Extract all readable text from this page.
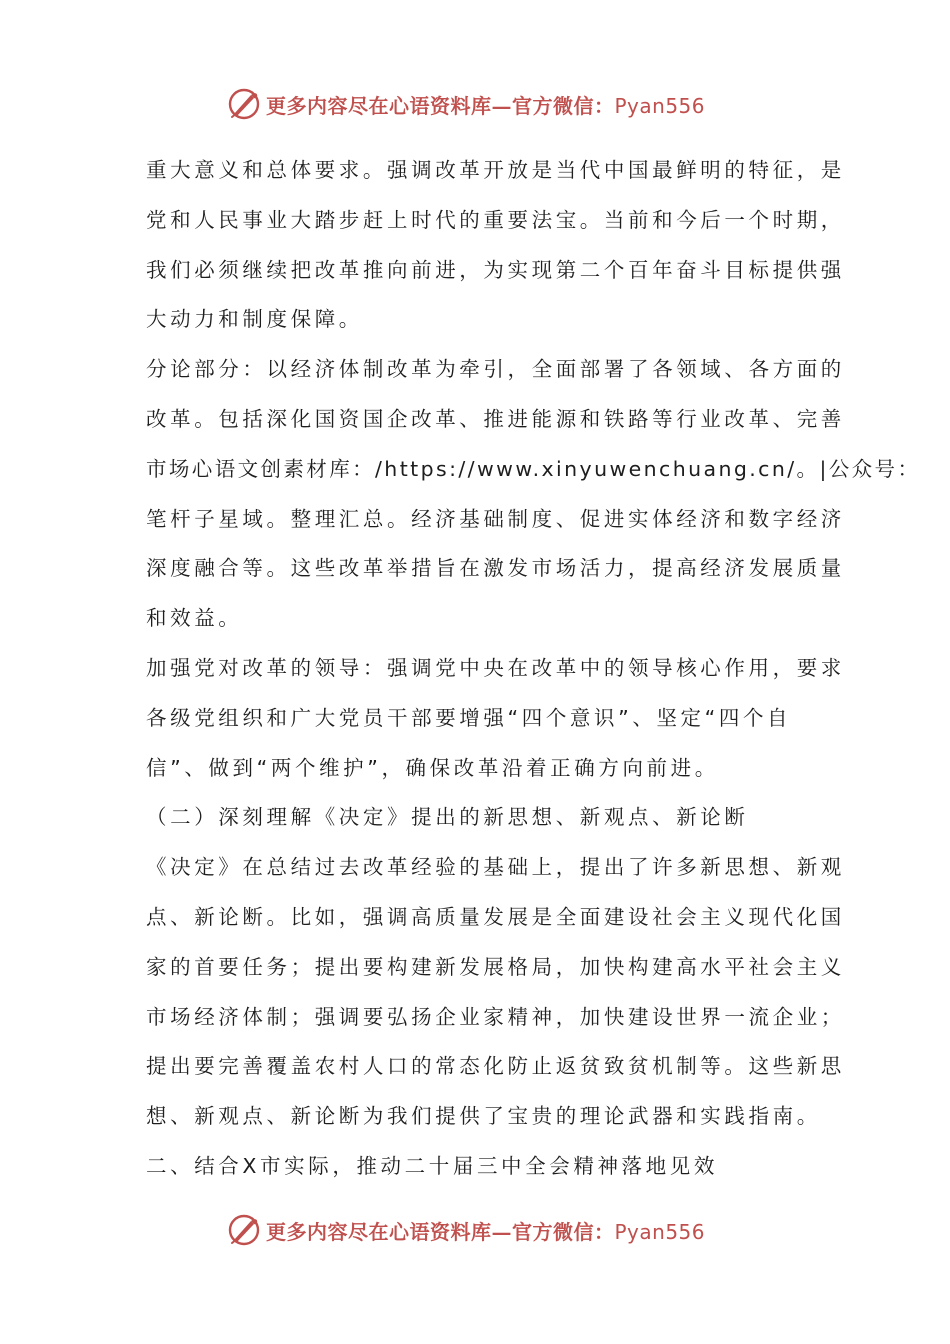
更多内容尽在心语资料库—官方微信：Pyan556
重大意义和总体要求。强调改革开放是当代中国最鲜明的特征，是
党和人民事业大踏步赶上时代的重要法宝。当前和今后一个时期，
我们必须继续把改革推向前进，为实现第二个百年奋斗目标提供强
大动力和制度保障。
分论部分：以经济体制改革为牵引，全面部署了各领域、各方面的
改革。包括深化国资国企改革、推进能源和铁路等行业改革、完善
市场心语文创素材库：/https://www.xinyuwenchuang.cn/。|公众号：
笔杆子星域。整理汇总。经济基础制度、促进实体经济和数字经济
深度融合等。这些改革举措旨在激发市场活力，提高经济发展质量
和效益。
加强党对改革的领导：强调党中央在改革中的领导核心作用，要求
各级党组织和广大党员干部要增强“四个意识”、坚定“四个自
信”、做到“两个维护”，确保改革沿着正确方向前进。
（二）深刻理解《决定》提出的新思想、新观点、新论断
《决定》在总结过去改革经验的基础上，提出了许多新思想、新观
点、新论断。比如，强调高质量发展是全面建设社会主义现代化国
家的首要任务；提出要构建新发展格局，加快构建高水平社会主义
市场经济体制；强调要弘扬企业家精神，加快建设世界一流企业；
提出要完善覆盖农村人口的常态化防止返贫致贫机制等。这些新思
想、新观点、新论断为我们提供了宝贵的理论武器和实践指南。
二、结合X市实际，推动二十届三中全会精神落地见效
更多内容尽在心语资料库—官方微信：Pyan556
